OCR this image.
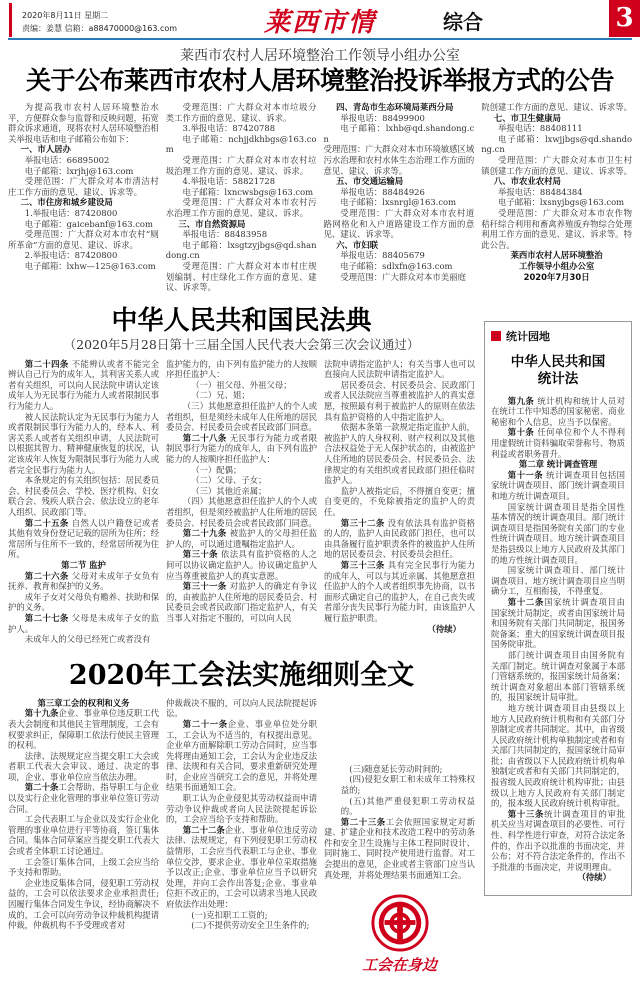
2020年8月11日 星期二
责编：姜慧 信箱：a88470000@163.com	莱西市情	综合	3
莱西市农村人居环境整治工作领导小组办公室
关于公布莱西市农村人居环境整治投诉举报方式的公告

为提高我市农村人居环境整治水平，方便群众参与监督和反映问题，拓宽群众诉求通道，现将农村人居环境整治相关举报电话和电子邮箱公布如下：

一、市人居办

举报电话：66895002

电子邮箱：lxrjhj@163.com

受理范围：广大群众对本市清洁村庄工作方面的意见、建议、诉求等。

二、市住房和城乡建设局

1.举报电话：87420800

电子邮箱：gaicebanf@163.com

受理范围：广大群众对本市农村“厕所革命”方面的意见、建议、诉求。

2.举报电话：87420800

电子邮箱：lxhw—125@163.com

受理范围：广大群众对本市垃圾分类工作方面的意见、建议、诉求。

3.举报电话：87420788

电子邮箱：nchjjdkhbgs@163.com

受理范围：广大群众对本市农村垃圾治理工作方面的意见、建议、诉求。

4.举报电话：58821728

电子邮箱：lxncwsbgs@163.com

受理范围：广大群众对本市农村污水治理工作方面的意见、建议、诉求。

三、市自然资源局

举报电话：88483958

电子邮箱：lxsgtzyjbgs@qd.shandong.cn

受理范围：广大群众对本市村庄规划编制、村庄绿化工作方面的意见、建议、诉求等。

四、青岛市生态环境局莱西分局

举报电话：88499900

电子邮箱：lxhb@qd.shandong.cn

受理范围：广大群众对本市环境敏感区域污水治理和农村水体生态治理工作方面的意见、建议、诉求等。

五、市交通运输局

举报电话：88484926

电子邮箱：lxsnrgl@163.com

受理范围：广大群众对本市农村道路网格化和入户道路建设工作方面的意见、建议、诉求等。

六、市妇联

举报电话：88405679

电子邮箱：sdlxfn@163.com

受理范围：广大群众对本市美丽庭

院创建工作方面的意见、建议、诉求等。

七、市卫生健康局

举报电话：88408111

电子邮箱：lxwjjbgs@qd.shandong.cn

受理范围：广大群众对本市卫生村镇创建工作方面的意见、建议、诉求等。

八、市农业农村局

举报电话：88484384

电子邮箱：lxsnyjbgs@163.com

受理范围：广大群众对本市农作物秸秆综合利用和畜禽养殖废弃物综合处理利用工作方面的意见、建议、诉求等。特此公告。

莱西市农村人居环境整治

工作领导小组办公室

2020年7月30日

中华人民共和国民法典
（2020年5月28日第十三届全国人民代表大会第三次会议通过）

第二十四条 不能辨认或者不能完全辨认自己行为的成年人，其利害关系人或者有关组织，可以向人民法院申请认定该成年人为无民事行为能力人或者限制民事行为能力人。

被人民法院认定为无民事行为能力人或者限制民事行为能力人的，经本人、利害关系人或者有关组织申请，人民法院可以根据其智力、精神健康恢复的状况，认定该成年人恢复为限制民事行为能力人或者完全民事行为能力人。

本条规定的有关组织包括：居民委员会、村民委员会、学校、医疗机构、妇女联合会、残疾人联合会、依法设立的老年人组织、民政部门等。

第二十五条 自然人以户籍登记或者其他有效身份登记记载的居所为住所；经常居所与住所不一致的，经常居所视为住所。

第二节 监护

第二十六条 父母对未成年子女负有抚养、教育和保护的义务。

成年子女对父母负有赡养、扶助和保护的义务。

第二十七条 父母是未成年子女的监护人。

未成年人的父母已经死亡或者没有

监护能力的，由下列有监护能力的人按顺序担任监护人：

（一）祖父母、外祖父母；

（二）兄、姐；

（三）其他愿意担任监护人的个人或者组织，但是须经未成年人住所地的居民委员会、村民委员会或者民政部门同意。

第二十八条 无民事行为能力或者限制民事行为能力的成年人，由下列有监护能力的人按顺序担任监护人：

（一）配偶；

（二）父母、子女；

（三）其他近亲属；

（四）其他愿意担任监护人的个人或者组织，但是须经被监护人住所地的居民委员会、村民委员会或者民政部门同意。

第二十九条 被监护人的父母担任监护人的，可以通过遗嘱指定监护人。

第三十条 依法具有监护资格的人之间可以协议确定监护人。协议确定监护人应当尊重被监护人的真实意愿。

第三十一条 对监护人的确定有争议的，由被监护人住所地的居民委员会、村民委员会或者民政部门指定监护人，有关当事人对指定不服的，可以向人民

法院申请指定监护人；有关当事人也可以直接向人民法院申请指定监护人。

居民委员会、村民委员会、民政部门或者人民法院应当尊重被监护人的真实意愿，按照最有利于被监护人的原则在依法具有监护资格的人中指定监护人。

依据本条第一款规定指定监护人前，被监护人的人身权利、财产权利以及其他合法权益处于无人保护状态的，由被监护人住所地的居民委员会、村民委员会、法律规定的有关组织或者民政部门担任临时监护人。

监护人被指定后，不得擅自变更；擅自变更的，不免除被指定的监护人的责任。

第三十二条 没有依法具有监护资格的人的，监护人由民政部门担任，也可以由具备履行监护职责条件的被监护人住所地的居民委员会、村民委员会担任。

第三十三条 具有完全民事行为能力的成年人，可以与其近亲属、其他愿意担任监护人的个人或者组织事先协商，以书面形式确定自己的监护人，在自己丧失或者部分丧失民事行为能力时，由该监护人履行监护职责。

（待续）

2020年工会法实施细则全文

第三章工会的权利和义务

第十九条企业、事业单位违反职工代表大会制度和其他民主管理制度，工会有权要求纠正，保障职工依法行使民主管理的权利。

法律、法规规定应当提交职工大会或者职工代表大会审议、通过、决定的事项，企业、事业单位应当依法办理。

第二十条工会帮助、指导职工与企业以及实行企业化管理的事业单位签订劳动合同。

工会代表职工与企业以及实行企业化管理的事业单位进行平等协商，签订集体合同。集体合同草案应当提交职工代表大会或者全体职工讨论通过。

工会签订集体合同，上级工会应当给予支持和帮助。

企业违反集体合同，侵犯职工劳动权益的，工会可以依法要求企业承担责任;因履行集体合同发生争议，经协商解决不成的，工会可以向劳动争议仲裁机构提请仲裁，仲裁机构不予受理或者对

仲裁裁决不服的，可以向人民法院提起诉讼。

第二十一条企业、事业单位处分职工，工会认为不适当的，有权提出意见。企业单方面解除职工劳动合同时，应当事先将理由通知工会，工会认为企业违反法律、法规和有关合同，要求重新研究处理时，企业应当研究工会的意见，并将处理结果书面通知工会。

职工认为企业侵犯其劳动权益而申请劳动争议仲裁或者向人民法院提起诉讼的，工会应当给予支持和帮助。

第二十二条企业、事业单位违反劳动法律、法规规定，有下列侵犯职工劳动权益情形，工会应当代表职工与企业、事业单位交涉，要求企业、事业单位采取措施予以改正;企业、事业单位应当予以研究处理，并向工会作出答复;企业、事业单位拒不改正的，工会可以请求当地人民政府依法作出处理：

(一)克扣职工工资的;

(二)不提供劳动安全卫生条件的;

(三)随意延长劳动时间的;

(四)侵犯女职工和未成年工特殊权益的;

(五)其他严重侵犯职工劳动权益的。

第二十三条工会依照国家规定对新建、扩建企业和技术改造工程中的劳动条件和安全卫生设施与主体工程同时设计、同时施工、同时投产使用进行监督。对工会提出的意见，企业或者主管部门应当认真处理，并将处理结果书面通知工会。

工会在身边
统计园地
中华人民共和国
统计法

第九条 统计机构和统计人员对在统计工作中知悉的国家秘密、商业秘密和个人信息，应当予以保密。

第十条 任何单位和个人不得利用虚假统计资料骗取荣誉称号、物质利益或者职务晋升。

第二章 统计调查管理

第十一条 统计调查项目包括国家统计调查项目、部门统计调查项目和地方统计调查项目。

国家统计调查项目是指全国性基本情况的统计调查项目。部门统计调查项目是指国务院有关部门的专业性统计调查项目。地方统计调查项目是指县级以上地方人民政府及其部门的地方性统计调查项目。

国家统计调查项目、部门统计调查项目、地方统计调查项目应当明确分工，互相衔接，不得重复。

第十二条国家统计调查项目由国家统计局制定，或者由国家统计局和国务院有关部门共同制定，报国务院备案；重大的国家统计调查项目报国务院审批。

部门统计调查项目由国务院有关部门制定。统计调查对象属于本部门管辖系统的，报国家统计局备案；统计调查对象超出本部门管辖系统的，报国家统计局审批。

地方统计调查项目由县级以上地方人民政府统计机构和有关部门分别制定或者共同制定。其中，由省级人民政府统计机构单独制定或者和有关部门共同制定的，报国家统计局审批；由省级以下人民政府统计机构单独制定或者和有关部门共同制定的，报省级人民政府统计机构审批；由县级以上地方人民政府有关部门制定的，报本级人民政府统计机构审批。

第十三条统计调查项目的审批机关应当对调查项目的必要性、可行性、科学性进行审查，对符合法定条件的，作出予以批准的书面决定，并公布；对不符合法定条件的，作出不予批准的书面决定，并说明理由。

（待续）
